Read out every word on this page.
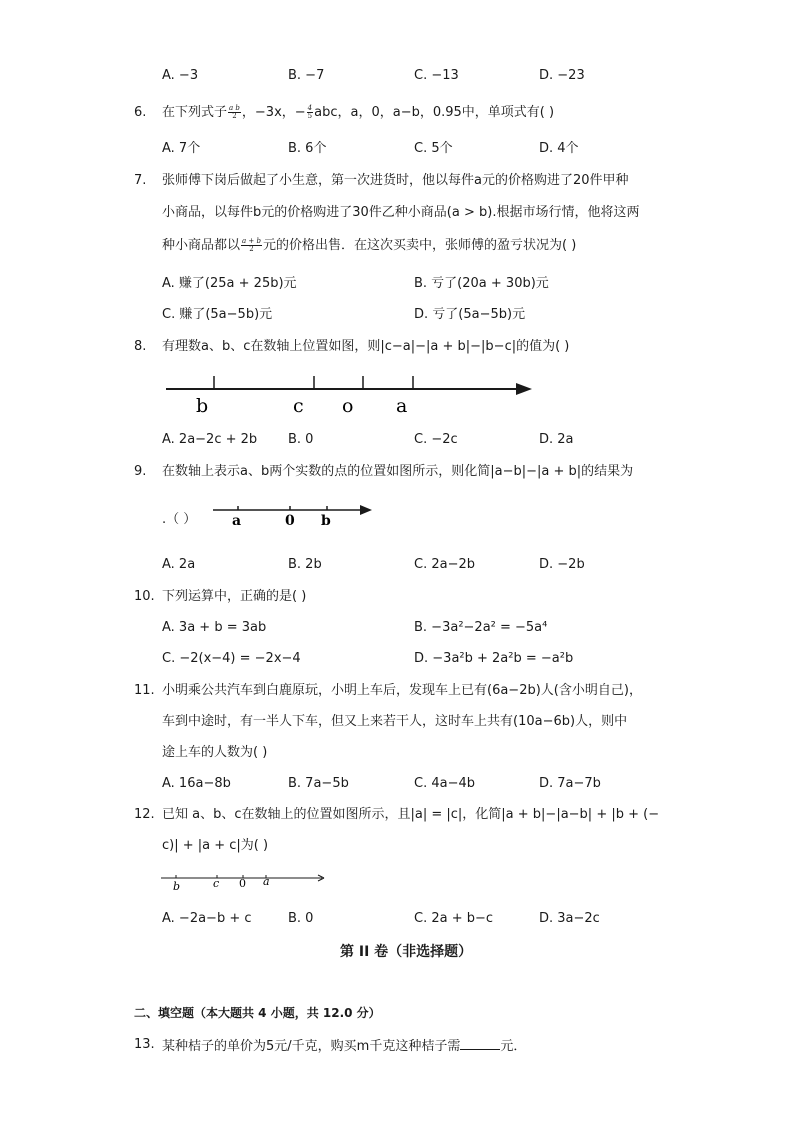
A. −3	B. −7	C. −13	D. −23
6. 在下列式子 $\frac{\text{a b}}{2}$ ，−3x，− $\frac{4}{5}$ abc，a，0，a−b，0.95中，单项式有( )
A. 7个	B. 6个	C. 5个	D. 4个
7. 张师傅下岗后做起了小生意，第一次进货时，他以每件a元的价格购进了20件甲种
小商品，以每件b元的价格购进了30件乙种小商品(a > b).根据市场行情，他将这两
种小商品都以 $\frac{a + b}{2}$ 元的价格出售．在这次买卖中，张师傅的盈亏状况为( )
A. 赚了(25a + 25b)元	B. 亏了(20a + 30b)元
C. 赚了(5a−5b)元	D. 亏了(5a−5b)元
8. 有理数a、b、c在数轴上位置如图，则|c−a|−|a + b|−|b−c|的值为( )
b	c o a
A. 2a−2c + 2b B. 0	C. −2c	D. 2a
9. 在数轴上表示a、b两个实数的点的位置如图所示，则化简|a−b|−|a + b|的结果为
.（ ）	a	0 b
A. 2a	B. 2b	C. 2a−2b	D. −2b
10. 下列运算中，正确的是( )
A. 3a + b = 3ab	B. −3a²−2a² = −5a⁴
C. −2(x−4) = −2x−4	D. −3a²b + 2a²b = −a²b
11. 小明乘公共汽车到白鹿原玩，小明上车后，发现车上已有(6a−2b)人(含小明自己)，
车到中途时，有一半人下车，但又上来若干人，这时车上共有(10a−6b)人，则中
途上车的人数为( )
A. 16a−8b	B. 7a−5b	C. 4a−4b	D. 7a−7b
12. 已知 a、b、c在数轴上的位置如图所示，且|a| = |c|，化简|a + b|−|a−b| + |b + (−
c)| + |a + c|为( )
b	c 0 a
A. −2a−b + c	B. 0	C. 2a + b−c	D. 3a−2c
第 II 卷（非选择题）
二、填空题（本大题共 4 小题，共 12.0 分）
13. 某种桔子的单价为5元/千克，购买m千克这种桔子需	元．
